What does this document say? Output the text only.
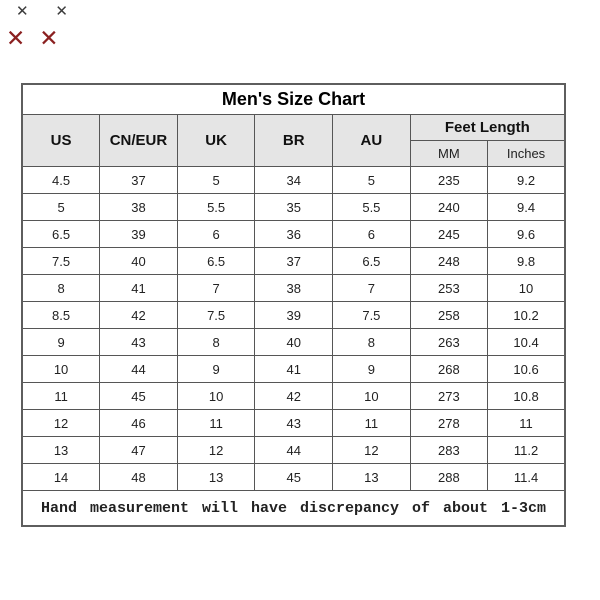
✕ ✕
✕ ✕
Men's Size Chart						
US	CN/EUR	UK	BR	AU	Feet Length	
					MM	Inches
4.5	37	5	34	5	235	9.2
5	38	5.5	35	5.5	240	9.4
6.5	39	6	36	6	245	9.6
7.5	40	6.5	37	6.5	248	9.8
8	41	7	38	7	253	10
8.5	42	7.5	39	7.5	258	10.2
9	43	8	40	8	263	10.4
10	44	9	41	9	268	10.6
11	45	10	42	10	273	10.8
12	46	11	43	11	278	11
13	47	12	44	12	283	11.2
14	48	13	45	13	288	11.4
Hand measurement will have discrepancy of about 1-3cm						
